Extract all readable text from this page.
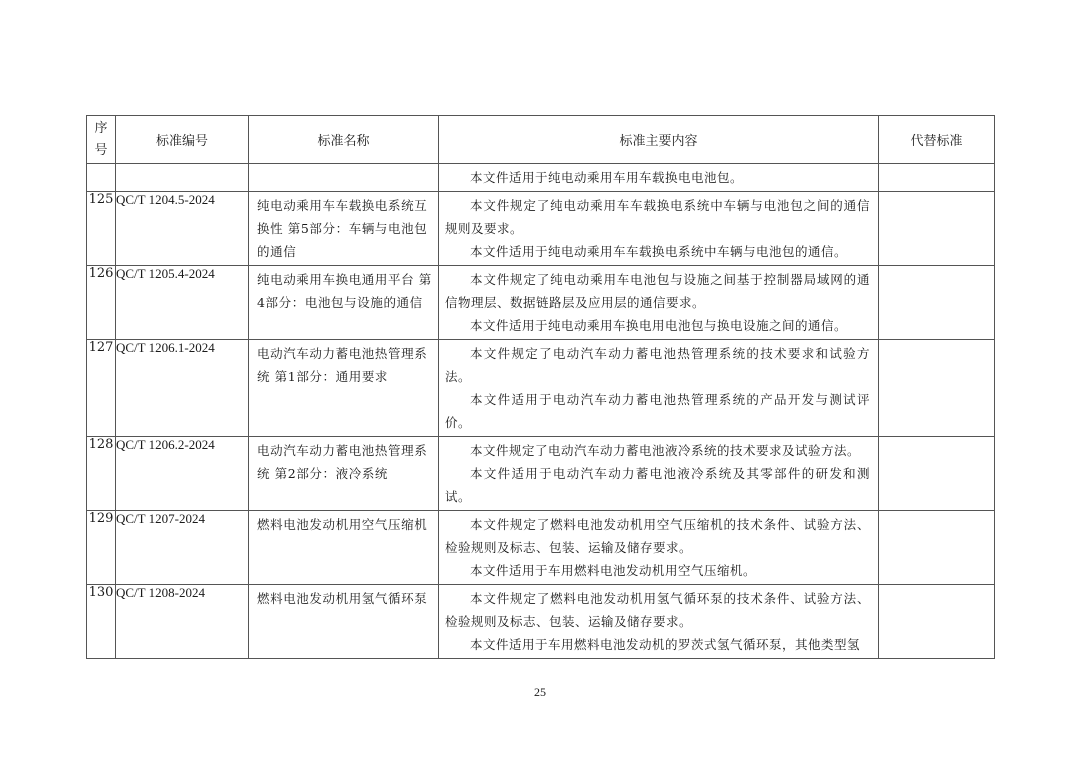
序号	标准编号	标准名称	标准主要内容	代替标准

			本文件适用于纯电动乘用车用车载换电电池包。	

125	QC/T 1204.5-2024	纯电动乘用车车载换电系统互换性 第5部分：车辆与电池包的通信	本文件规定了纯电动乘用车车载换电系统中车辆与电池包之间的通信规则及要求。

本文件适用于纯电动乘用车车载换电系统中车辆与电池包的通信。	

126	QC/T 1205.4-2024	纯电动乘用车换电通用平台 第4部分：电池包与设施的通信	本文件规定了纯电动乘用车电池包与设施之间基于控制器局域网的通信物理层、数据链路层及应用层的通信要求。

本文件适用于纯电动乘用车换电用电池包与换电设施之间的通信。	

127	QC/T 1206.1-2024	电动汽车动力蓄电池热管理系统 第1部分：通用要求	本文件规定了电动汽车动力蓄电池热管理系统的技术要求和试验方法。

本文件适用于电动汽车动力蓄电池热管理系统的产品开发与测试评价。	

128	QC/T 1206.2-2024	电动汽车动力蓄电池热管理系统 第2部分：液冷系统	本文件规定了电动汽车动力蓄电池液冷系统的技术要求及试验方法。

本文件适用于电动汽车动力蓄电池液冷系统及其零部件的研发和测试。	

129	QC/T 1207-2024	燃料电池发动机用空气压缩机	本文件规定了燃料电池发动机用空气压缩机的技术条件、试验方法、检验规则及标志、包装、运输及储存要求。

本文件适用于车用燃料电池发动机用空气压缩机。	

130	QC/T 1208-2024	燃料电池发动机用氢气循环泵	本文件规定了燃料电池发动机用氢气循环泵的技术条件、试验方法、检验规则及标志、包装、运输及储存要求。

本文件适用于车用燃料电池发动机的罗茨式氢气循环泵，其他类型氢	

25
